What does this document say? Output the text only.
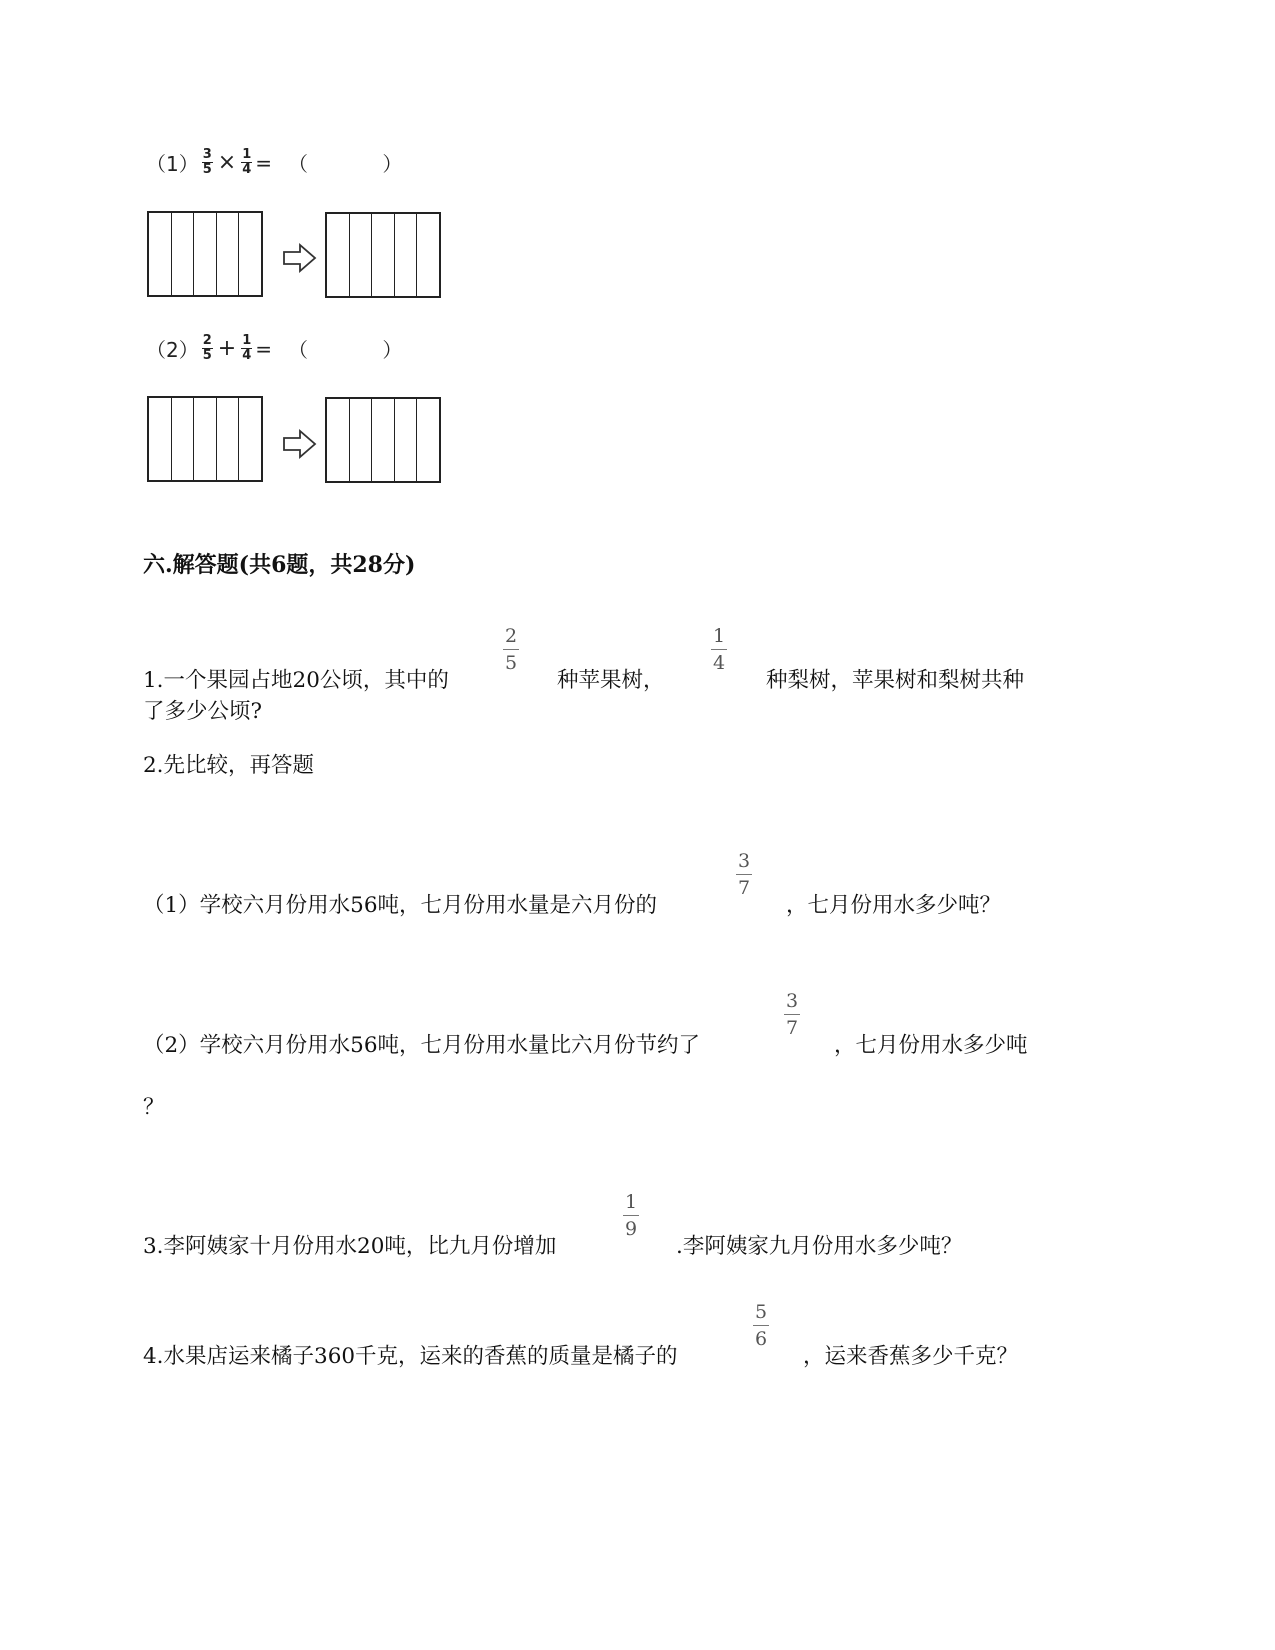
$(1) \frac{3}{5} \times \frac{1}{4}$ = （ ）
（2） 2
$5 + \frac{1}{4}$ = （ ）
六.解答题(共6题，共28分)
1.一个果园占地20公顷，其中的
2
5
种苹果树，
1
4
种梨树，苹果树和梨树共种
了多少公顷?
2.先比较，再答题
（1）学校六月份用水56吨，七月份用水量是六月份的
3
7
，七月份用水多少吨？
（2）学校六月份用水56吨，七月份用水量比六月份节约了
3
7
，七月份用水多少吨
？
3.李阿姨家十月份用水20吨，比九月份增加
1
9
.李阿姨家九月份用水多少吨？
4.水果店运来橘子360千克，运来的香蕉的质量是橘子的
5
6
，运来香蕉多少千克？
